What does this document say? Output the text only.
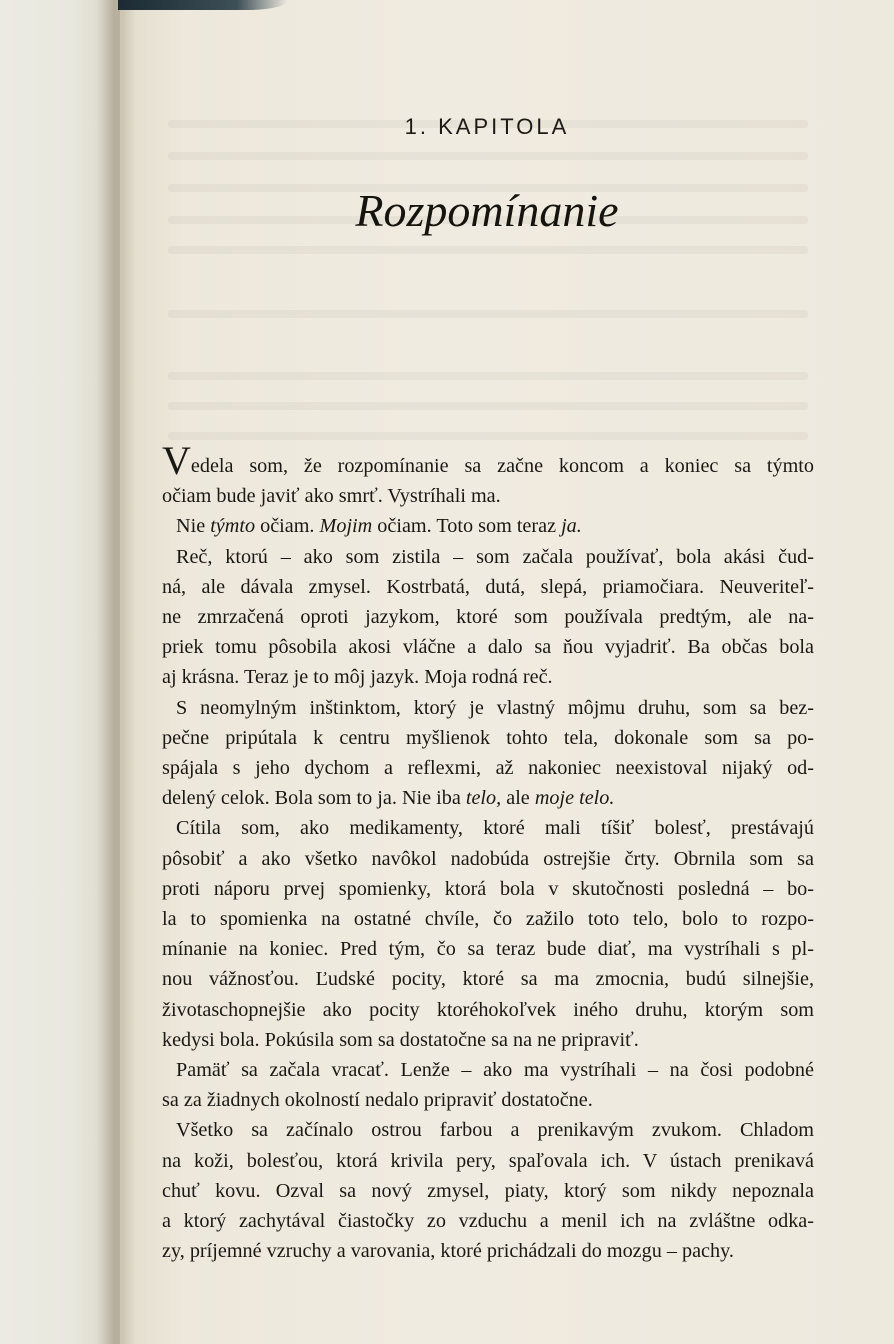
1. KAPITOLA
Rozpomínanie
Vedela som, že rozpomínanie sa začne koncom a koniec sa týmto
očiam bude javiť ako smrť. Vystríhali ma.
Nie týmto očiam. Mojim očiam. Toto som teraz ja.
Reč, ktorú – ako som zistila – som začala používať, bola akási čud-
ná, ale dávala zmysel. Kostrbatá, dutá, slepá, priamočiara. Neuveriteľ-
ne zmrzačená oproti jazykom, ktoré som používala predtým, ale na-
priek tomu pôsobila akosi vláčne a dalo sa ňou vyjadriť. Ba občas bola
aj krásna. Teraz je to môj jazyk. Moja rodná reč.
S neomylným inštinktom, ktorý je vlastný môjmu druhu, som sa bez-
pečne pripútala k centru myšlienok tohto tela, dokonale som sa po-
spájala s jeho dychom a reflexmi, až nakoniec neexistoval nijaký od-
delený celok. Bola som to ja. Nie iba telo, ale moje telo.
Cítila som, ako medikamenty, ktoré mali tíšiť bolesť, prestávajú
pôsobiť a ako všetko navôkol nadobúda ostrejšie črty. Obrnila som sa
proti náporu prvej spomienky, ktorá bola v skutočnosti posledná – bo-
la to spomienka na ostatné chvíle, čo zažilo toto telo, bolo to rozpo-
mínanie na koniec. Pred tým, čo sa teraz bude diať, ma vystríhali s pl-
nou vážnosťou. Ľudské pocity, ktoré sa ma zmocnia, budú silnejšie,
životaschopnejšie ako pocity ktoréhokoľvek iného druhu, ktorým som
kedysi bola. Pokúsila som sa dostatočne sa na ne pripraviť.
Pamäť sa začala vracať. Lenže – ako ma vystríhali – na čosi podobné
sa za žiadnych okolností nedalo pripraviť dostatočne.
Všetko sa začínalo ostrou farbou a prenikavým zvukom. Chladom
na koži, bolesťou, ktorá krivila pery, spaľovala ich. V ústach prenikavá
chuť kovu. Ozval sa nový zmysel, piaty, ktorý som nikdy nepoznala
a ktorý zachytával čiastočky zo vzduchu a menil ich na zvláštne odka-
zy, príjemné vzruchy a varovania, ktoré prichádzali do mozgu – pachy.
